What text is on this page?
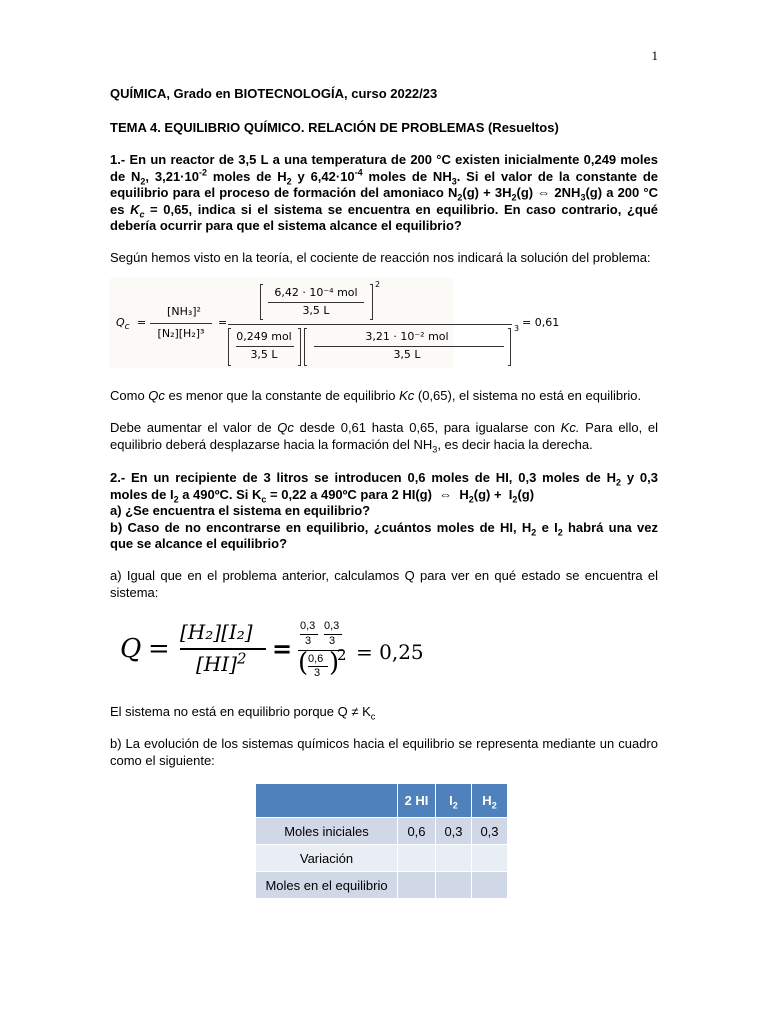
1

QUÍMICA, Grado en BIOTECNOLOGÍA, curso 2022/23

TEMA 4. EQUILIBRIO QUÍMICO. RELACIÓN DE PROBLEMAS (Resueltos)

1.- En un reactor de 3,5 L a una temperatura de 200 °C existen inicialmente 0,249 moles de $N_2$, $3,21\cdot 10^{-2}$ moles de $H_2$ y $6,42\cdot 10^{-4}$ moles de $NH_3$. Si el valor de la constante de equilibrio para el proceso de formación del amoniaco $N_2(g) + 3H_2(g)$ ⇔ $2NH_3(g)$ a 200 °C es $K_c = 0,65$, indica si el sistema se encuentra en equilibrio. En caso contrario, ¿qué debería ocurrir para que el sistema alcance el equilibrio?

Según hemos visto en la teoría, el cociente de reacción nos indicará la solución del problema:

$Q_c$ =
[NH₃]²
[N₂][H₂]³
=
6,42 · 10⁻⁴ mol
3,5 L
2
0,249 mol
3,5 L
3,21 · 10⁻² mol
3,5 L
3 = 0,61

Como Qc es menor que la constante de equilibrio Kc (0,65), el sistema no está en equilibrio.

Debe aumentar el valor de Qc desde 0,61 hasta 0,65, para igualarse con Kc. Para ello, el equilibrio deberá desplazarse hacia la formación del $NH_3$, es decir hacia la derecha.

2.- En un recipiente de 3 litros se introducen 0,6 moles de HI, 0,3 moles de $H_2$ y 0,3 moles de $I_2$ a 490ºC. Si $K_c = 0,22$ a 490ºC para 2 HI(g)  ⇔  $H_2(g) + I_2(g)$
a) ¿Se encuentra el sistema en equilibrio?
b) Caso de no encontrarse en equilibrio, ¿cuántos moles de HI, $H_2$ e $I_2$ habrá una vez que se alcance el equilibrio?

a) Igual que en el problema anterior, calculamos Q para ver en qué estado se encuentra el sistema:

Q =
[H₂][I₂]
[HI]$^2$ =
0,3
3
0,3
3
( 0,6
3 )
2 = 0,25

El sistema no está en equilibrio porque $Q \ne K_c$

b) La evolución de los sistemas químicos hacia el equilibrio se representa mediante un cuadro como el siguiente:

	2 HI	$I_2$	$H_2$
Moles iniciales	0,6	0,3	0,3
Variación			
Moles en el equilibrio			
